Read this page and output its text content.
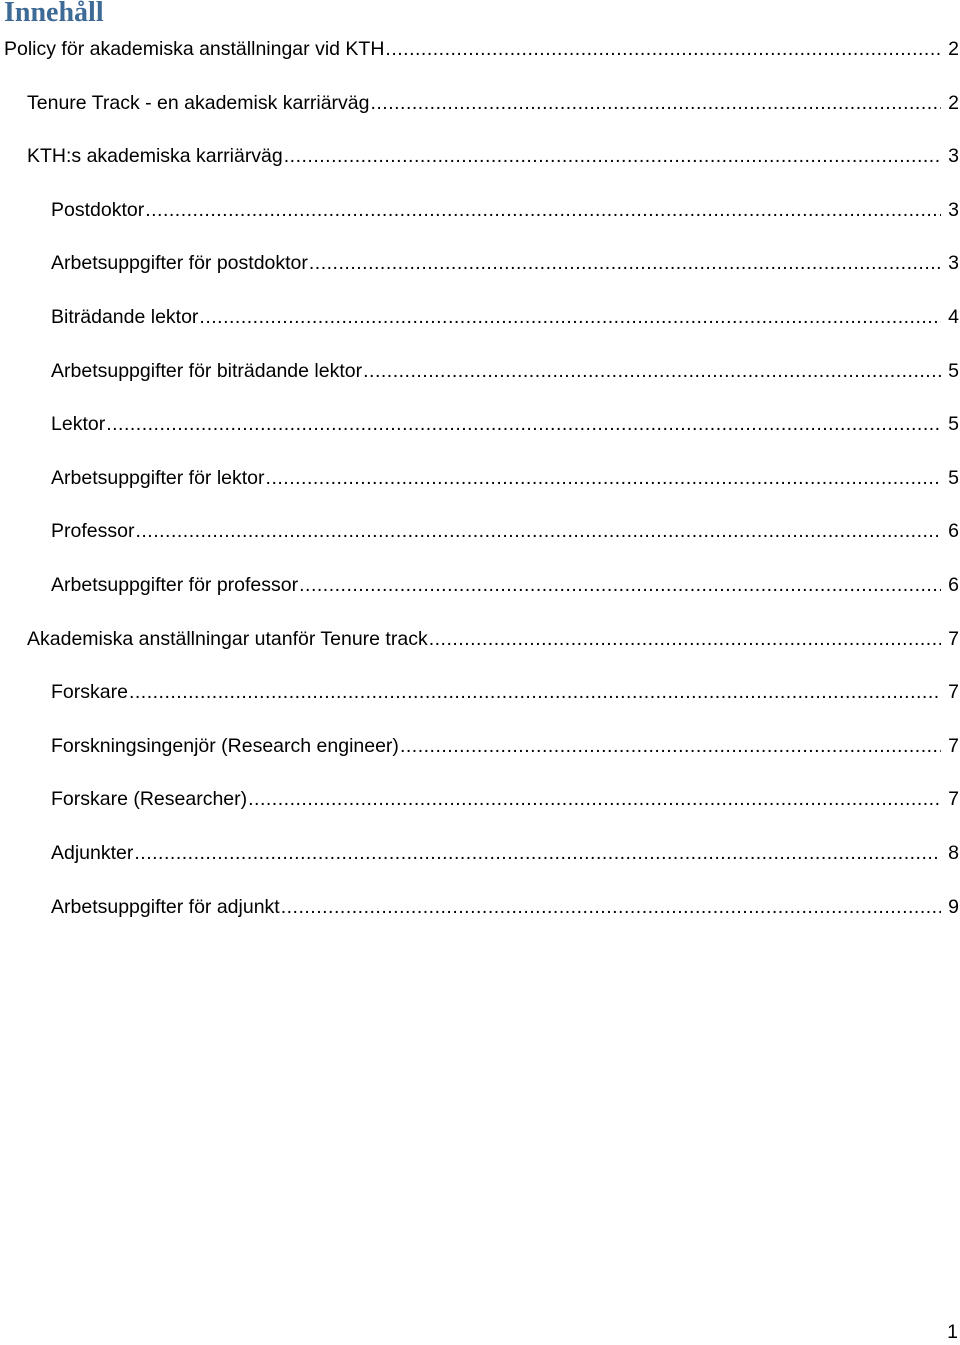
Innehåll
Policy för akademiska anställningar vid KTH .....	2
Tenure Track - en akademisk karriärväg .....	2
KTH:s akademiska karriärväg .....	3
Postdoktor .....	3
Arbetsuppgifter för postdoktor .....	3
Biträdande lektor .....	4
Arbetsuppgifter för biträdande lektor .....	5
Lektor .....	5
Arbetsuppgifter för lektor .....	5
Professor .....	6
Arbetsuppgifter för professor .....	6
Akademiska anställningar utanför Tenure track .....	7
Forskare .....	7
Forskningsingenjör (Research engineer) .....	7
Forskare (Researcher) .....	7
Adjunkter .....	8
Arbetsuppgifter för adjunkt .....	9
1
